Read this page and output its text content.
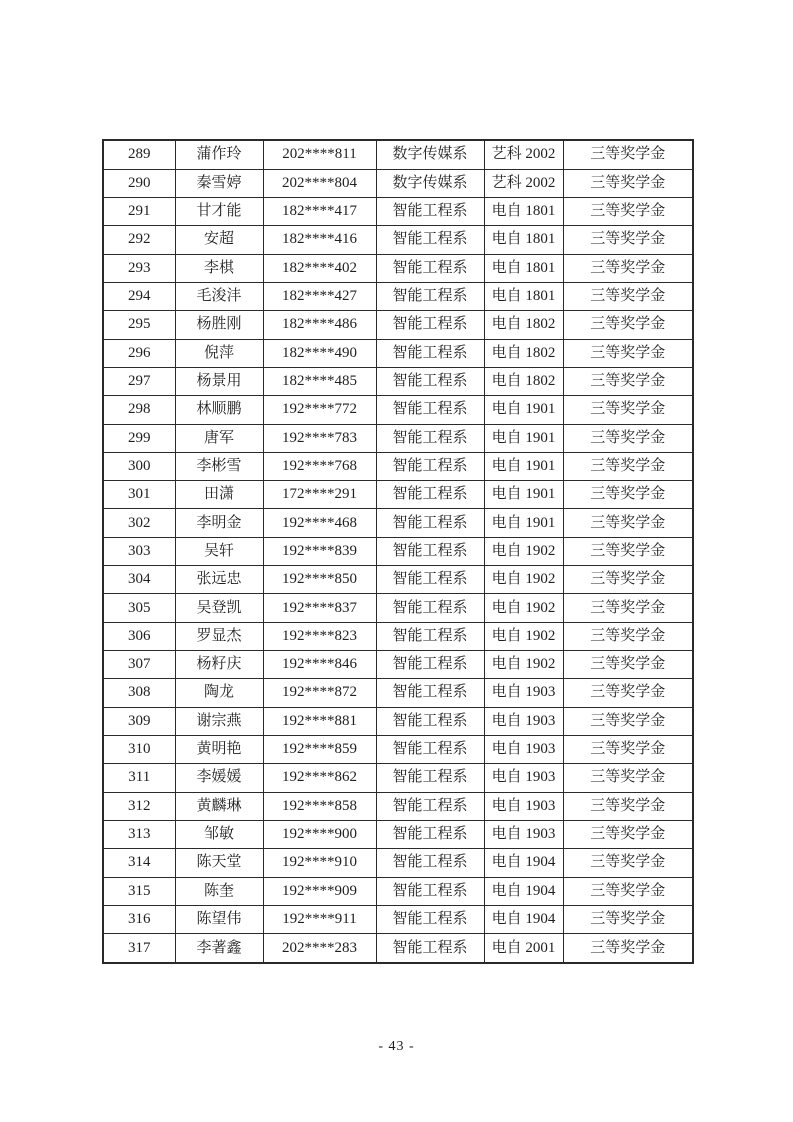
289	蒲作玲	202****811	数字传媒系	艺科 2002	三等奖学金
290	秦雪婷	202****804	数字传媒系	艺科 2002	三等奖学金
291	甘才能	182****417	智能工程系	电自 1801	三等奖学金
292	安超	182****416	智能工程系	电自 1801	三等奖学金
293	李棋	182****402	智能工程系	电自 1801	三等奖学金
294	毛浚沣	182****427	智能工程系	电自 1801	三等奖学金
295	杨胜刚	182****486	智能工程系	电自 1802	三等奖学金
296	倪萍	182****490	智能工程系	电自 1802	三等奖学金
297	杨景用	182****485	智能工程系	电自 1802	三等奖学金
298	林顺鹏	192****772	智能工程系	电自 1901	三等奖学金
299	唐军	192****783	智能工程系	电自 1901	三等奖学金
300	李彬雪	192****768	智能工程系	电自 1901	三等奖学金
301	田潇	172****291	智能工程系	电自 1901	三等奖学金
302	李明金	192****468	智能工程系	电自 1901	三等奖学金
303	吴轩	192****839	智能工程系	电自 1902	三等奖学金
304	张远忠	192****850	智能工程系	电自 1902	三等奖学金
305	吴登凯	192****837	智能工程系	电自 1902	三等奖学金
306	罗显杰	192****823	智能工程系	电自 1902	三等奖学金
307	杨籽庆	192****846	智能工程系	电自 1902	三等奖学金
308	陶龙	192****872	智能工程系	电自 1903	三等奖学金
309	谢宗燕	192****881	智能工程系	电自 1903	三等奖学金
310	黄明艳	192****859	智能工程系	电自 1903	三等奖学金
311	李媛媛	192****862	智能工程系	电自 1903	三等奖学金
312	黄麟琳	192****858	智能工程系	电自 1903	三等奖学金
313	邹敏	192****900	智能工程系	电自 1903	三等奖学金
314	陈天堂	192****910	智能工程系	电自 1904	三等奖学金
315	陈奎	192****909	智能工程系	电自 1904	三等奖学金
316	陈望伟	192****911	智能工程系	电自 1904	三等奖学金
317	李著鑫	202****283	智能工程系	电自 2001	三等奖学金
- 43 -
